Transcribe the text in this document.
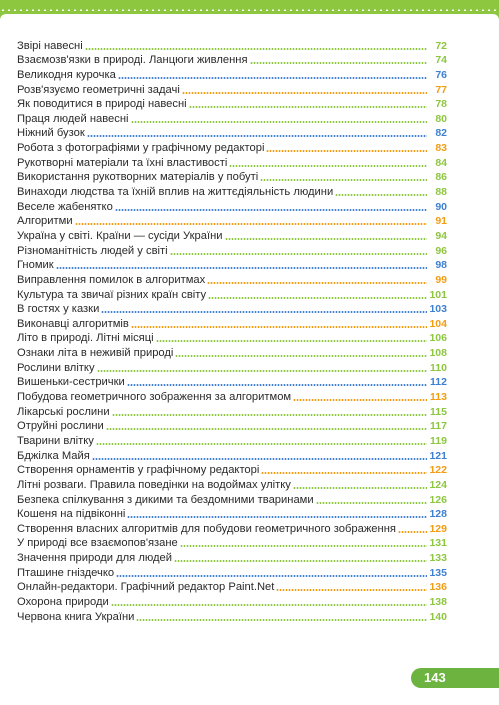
Звірі навесні	72
Взаємозв'язки в природі. Ланцюги живлення	74
Великодня курочка	76
Розв'язуємо геометричні задачі	77
Як поводитися в природі навесні	78
Праця людей навесні	80
Ніжний бузок	82
Робота з фотографіями у графічному редакторі	83
Рукотворні матеріали та їхні властивості	84
Використання рукотворних матеріалів у побуті	86
Винаходи людства та їхній вплив на життєдіяльність людини	88
Веселе жабенятко	90
Алгоритми	91
Україна у світі. Країни — сусіди України	94
Різноманітність людей у світі	96
Гномик	98
Виправлення помилок в алгоритмах	99
Культура та звичаї різних країн світу	101
В гостях у казки	103
Виконавці алгоритмів	104
Літо в природі. Літні місяці	106
Ознаки літа в неживій природі	108
Рослини влітку	110
Вишеньки-сестрички	112
Побудова геометричного зображення за алгоритмом	113
Лікарські рослини	115
Отруйні рослини	117
Тварини влітку	119
Бджілка Майя	121
Створення орнаментів у графічному редакторі	122
Літні розваги. Правила поведінки на водоймах улітку	124
Безпека спілкування з дикими та бездомними тваринами	126
Кошеня на підвіконні	128
Створення власних алгоритмів для побудови геометричного зображення	129
У природі все взаємопов'язане	131
Значення природи для людей	133
Пташине гніздечко	135
Онлайн-редактори. Графічний редактор Paint.Net	136
Охорона природи	138
Червона книга України	140
143
